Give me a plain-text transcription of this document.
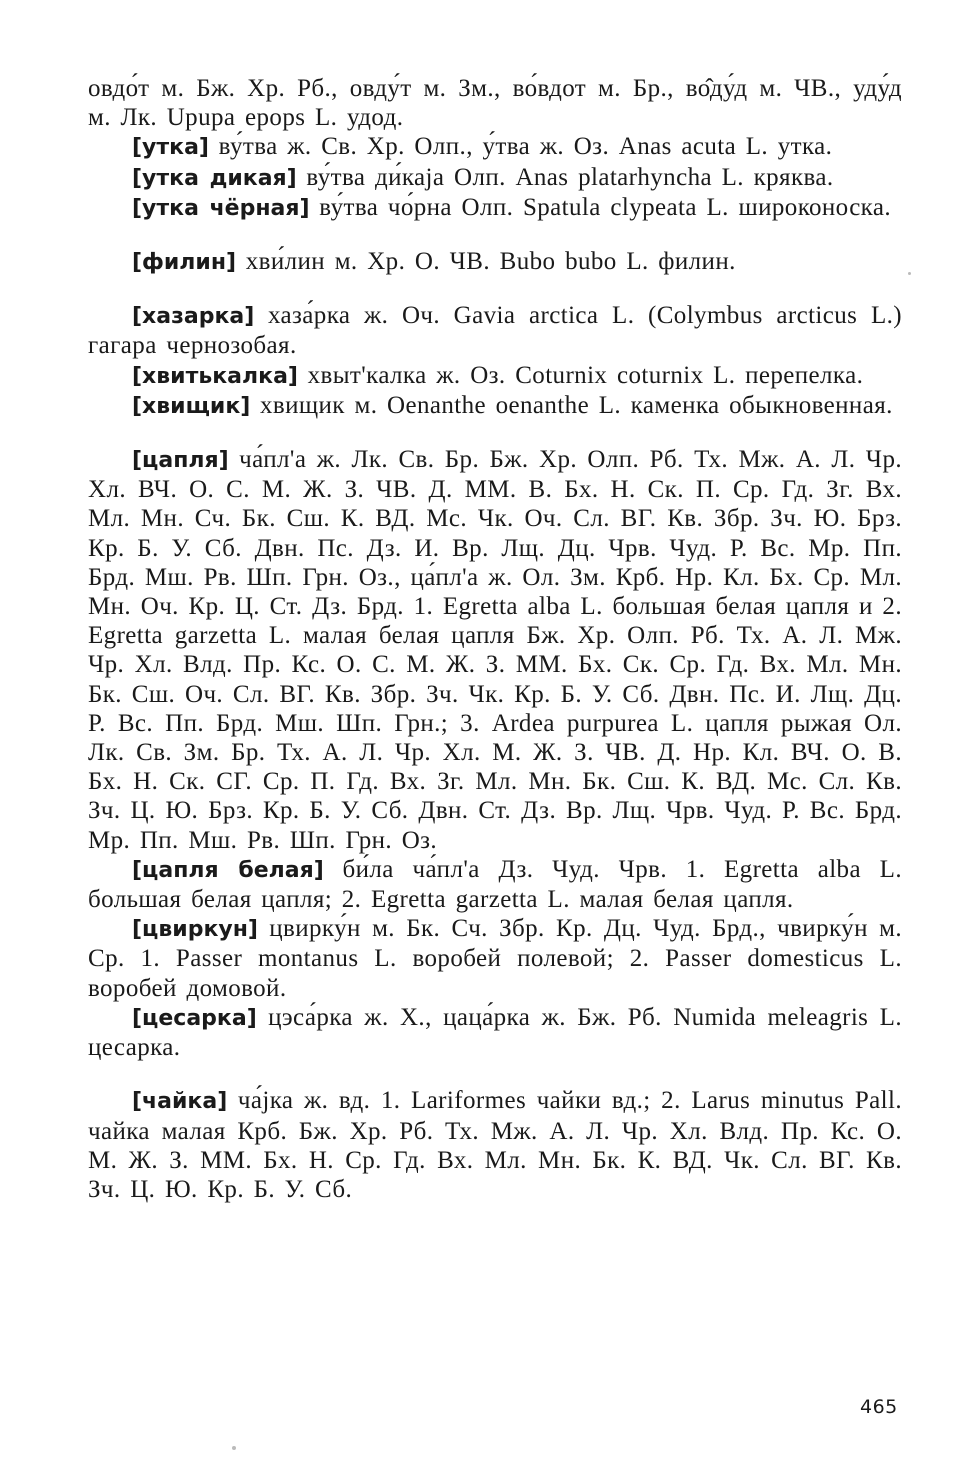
овдо́т м. Бж. Хр. Рб., овду́т м. Зм., во́вдот м. Бр., во̂ду́д м. ЧВ., уду́д м. Лк. Upupa epops L. удод.

[утка] ву́тва ж. Св. Хр. Олп., у́тва ж. Оз. Anas acuta L. утка.

[утка дикая] ву́тва ди́каја Олп. Anas platarhyncha L. кряква.

[утка чёрная] ву́тва чо́рна Олп. Spatula clypeata L. широконоска.

[филин] хви́лин м. Хр. О. ЧВ. Bubo bubo L. филин.

[хазарка] хаза́рка ж. Оч. Gavia arctica L. (Colymbus arcticus L.) гагара чернозобая.

[хвитькалка] хвыт'калка ж. Оз. Coturnix coturnix L. перепелка.

[хвищик] хвищик м. Oenanthe oenanthe L. каменка обыкновенная.

[цапля] ча́пл'а ж. Лк. Св. Бр. Бж. Хр. Олп. Рб. Тх. Мж. А. Л. Чр. Хл. ВЧ. О. С. М. Ж. З. ЧВ. Д. ММ. В. Бх. Н. Ск. П. Ср. Гд. Зг. Вх. Мл. Мн. Сч. Бк. Сш. К. ВД. Мс. Чк. Оч. Сл. ВГ. Кв. Збр. Зч. Ю. Брз. Кр. Б. У. Сб. Двн. Пс. Дз. И. Вр. Лщ. Дц. Чрв. Чуд. Р. Вс. Мр. Пп. Брд. Мш. Рв. Шп. Грн. Оз., ца́пл'а ж. Ол. Зм. Крб. Нр. Кл. Бх. Ср. Мл. Мн. Оч. Кр. Ц. Ст. Дз. Брд. 1. Egretta alba L. большая белая цапля и 2. Egretta garzetta L. малая белая цапля Бж. Хр. Олп. Рб. Тх. А. Л. Мж. Чр. Хл. Влд. Пр. Кс. О. С. М. Ж. З. ММ. Бх. Ск. Ср. Гд. Вх. Мл. Мн. Бк. Сш. Оч. Сл. ВГ. Кв. Збр. Зч. Чк. Кр. Б. У. Сб. Двн. Пс. И. Лщ. Дц. Р. Вс. Пп. Брд. Мш. Шп. Грн.; 3. Ardea purpurea L. цапля рыжая Ол. Лк. Св. Зм. Бр. Тх. А. Л. Чр. Хл. М. Ж. З. ЧВ. Д. Нр. Кл. ВЧ. О. В. Бх. Н. Ск. СГ. Ср. П. Гд. Вх. Зг. Мл. Мн. Бк. Сш. К. ВД. Мс. Сл. Кв. Зч. Ц. Ю. Брз. Кр. Б. У. Сб. Двн. Ст. Дз. Вр. Лщ. Чрв. Чуд. Р. Вс. Брд. Мр. Пп. Мш. Рв. Шп. Грн. Оз.

[цапля белая] би́ла ча́пл'а Дз. Чуд. Чрв. 1. Egretta alba L. большая белая цапля; 2. Egretta garzetta L. малая белая цапля.

[цвиркун] цвирку́н м. Бк. Сч. Збр. Кр. Дц. Чуд. Брд., чвирку́н м. Ср. 1. Passer montanus L. воробей полевой; 2. Passer domesticus L. воробей домовой.

[цесарка] цэса́рка ж. Х., цаца́рка ж. Бж. Рб. Numida meleagris L. цесарка.

[чайка] ча́јка ж. вд. 1. Lariformes чайки вд.; 2. Larus minutus Pall. чайка малая Крб. Бж. Хр. Рб. Тх. Мж. А. Л. Чр. Хл. Влд. Пр. Кс. О. М. Ж. З. ММ. Бх. Н. Ср. Гд. Вх. Мл. Мн. Бк. К. ВД. Чк. Сл. ВГ. Кв. Зч. Ц. Ю. Кр. Б. У. Сб.

465
